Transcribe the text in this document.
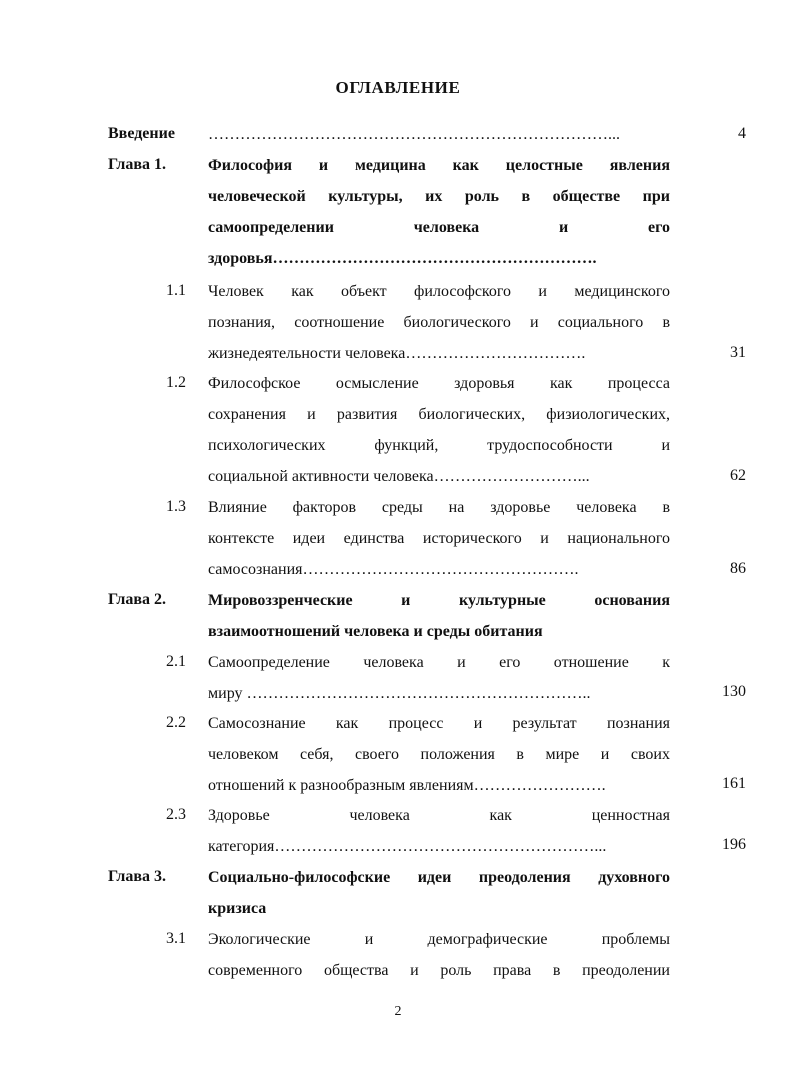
ОГЛАВЛЕНИЕ
Введение …………………………………………………………………...	4
Глава 1.	Философия и медицина как целостные явления
человеческой культуры, их роль в обществе при
самоопределении человека и его
здоровья…………………………………………………….
1.1 Человек как объект философского и медицинского
познания, соотношение биологического и социального в
жизнедеятельности человека…………………………….	31
1.2 Философское осмысление здоровья как процесса
сохранения и развития биологических, физиологических,
психологических функций, трудоспособности и
социальной активности человека………………………...	62
1.3 Влияние факторов среды на здоровье человека в
контексте идеи единства исторического и национального
самосознания…………………………………………….	86
Глава 2.	Мировоззренческие и культурные основания
взаимоотношений человека и среды обитания
2.1 Самоопределение человека и его отношение к
миру ………………………………………………………..	130
2.2 Самосознание как процесс и результат познания
человеком себя, своего положения в мире и своих
отношений к разнообразным явлениям…………………….	161
2.3 Здоровье человека как ценностная
категория……………………………………………………...	196
Глава 3.	Социально-философские идеи преодоления духовного
кризиса
3.1 Экологические и демографические проблемы
современного общества и роль права в преодолении
2
